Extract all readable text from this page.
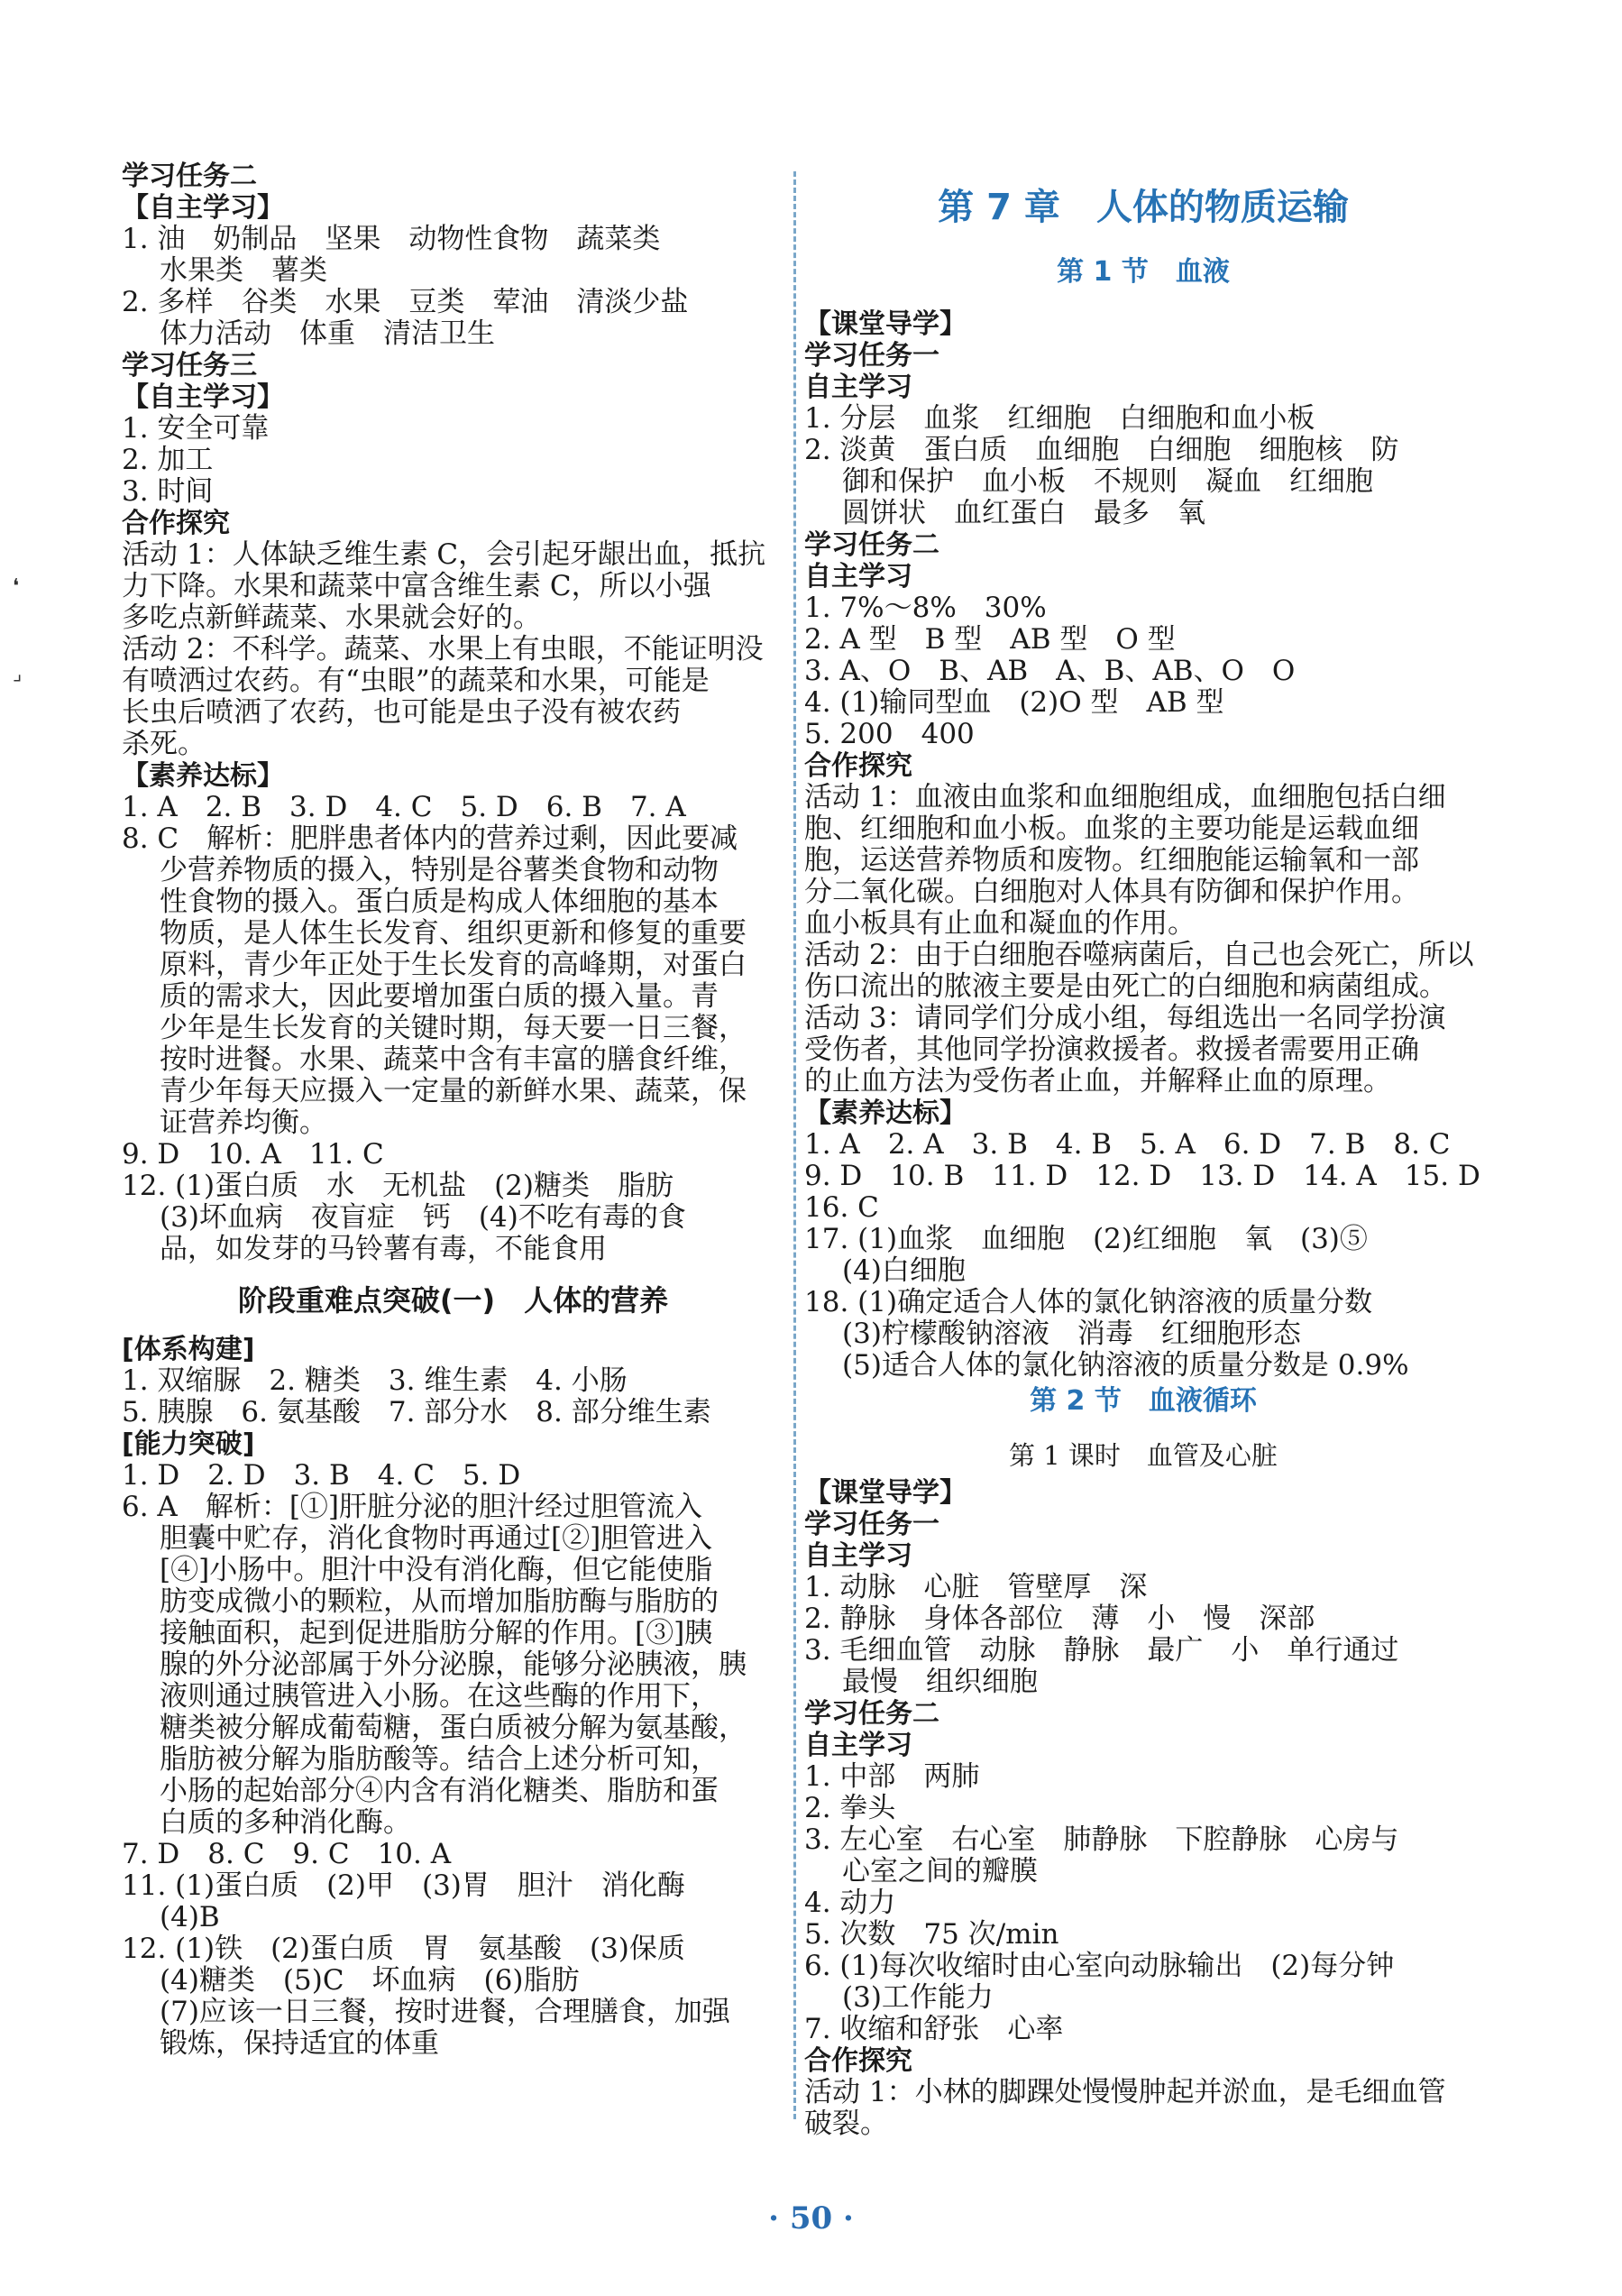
❛
⌟
学习任务二
【自主学习】
1. 油　奶制品　坚果　动物性食物　蔬菜类
水果类　薯类
2. 多样　谷类　水果　豆类　荤油　清淡少盐
体力活动　体重　清洁卫生
学习任务三
【自主学习】
1. 安全可靠
2. 加工
3. 时间
合作探究
活动 1：人体缺乏维生素 C，会引起牙龈出血，抵抗
力下降。水果和蔬菜中富含维生素 C，所以小强
多吃点新鲜蔬菜、水果就会好的。
活动 2：不科学。蔬菜、水果上有虫眼，不能证明没
有喷洒过农药。有“虫眼”的蔬菜和水果，可能是
长虫后喷洒了农药，也可能是虫子没有被农药
杀死。
【素养达标】
1. A　2. B　3. D　4. C　5. D　6. B　7. A
8. C　解析：肥胖患者体内的营养过剩，因此要减
少营养物质的摄入，特别是谷薯类食物和动物
性食物的摄入。蛋白质是构成人体细胞的基本
物质，是人体生长发育、组织更新和修复的重要
原料，青少年正处于生长发育的高峰期，对蛋白
质的需求大，因此要增加蛋白质的摄入量。青
少年是生长发育的关键时期，每天要一日三餐，
按时进餐。水果、蔬菜中含有丰富的膳食纤维，
青少年每天应摄入一定量的新鲜水果、蔬菜，保
证营养均衡。
9. D　10. A　11. C
12. (1)蛋白质　水　无机盐　(2)糖类　脂肪
(3)坏血病　夜盲症　钙　(4)不吃有毒的食
品，如发芽的马铃薯有毒，不能食用
阶段重难点突破(一)　人体的营养
[体系构建]
1. 双缩脲　2. 糖类　3. 维生素　4. 小肠
5. 胰腺　6. 氨基酸　7. 部分水　8. 部分维生素
[能力突破]
1. D　2. D　3. B　4. C　5. D
6. A　解析：[①]肝脏分泌的胆汁经过胆管流入
胆囊中贮存，消化食物时再通过[②]胆管进入
[④]小肠中。胆汁中没有消化酶，但它能使脂
肪变成微小的颗粒，从而增加脂肪酶与脂肪的
接触面积，起到促进脂肪分解的作用。[③]胰
腺的外分泌部属于外分泌腺，能够分泌胰液，胰
液则通过胰管进入小肠。在这些酶的作用下，
糖类被分解成葡萄糖，蛋白质被分解为氨基酸，
脂肪被分解为脂肪酸等。结合上述分析可知，
小肠的起始部分④内含有消化糖类、脂肪和蛋
白质的多种消化酶。
7. D　8. C　9. C　10. A
11. (1)蛋白质　(2)甲　(3)胃　胆汁　消化酶
(4)B
12. (1)铁　(2)蛋白质　胃　氨基酸　(3)保质
(4)糖类　(5)C　坏血病　(6)脂肪
(7)应该一日三餐，按时进餐，合理膳食，加强
锻炼，保持适宜的体重
第 7 章　人体的物质运输
第 1 节　血液
【课堂导学】
学习任务一
自主学习
1. 分层　血浆　红细胞　白细胞和血小板
2. 淡黄　蛋白质　血细胞　白细胞　细胞核　防
御和保护　血小板　不规则　凝血　红细胞
圆饼状　血红蛋白　最多　氧
学习任务二
自主学习
1. 7%～8%　30%
2. A 型　B 型　AB 型　O 型
3. A、O　B、AB　A、B、AB、O　O
4. (1)输同型血　(2)O 型　AB 型
5. 200　400
合作探究
活动 1：血液由血浆和血细胞组成，血细胞包括白细
胞、红细胞和血小板。血浆的主要功能是运载血细
胞，运送营养物质和废物。红细胞能运输氧和一部
分二氧化碳。白细胞对人体具有防御和保护作用。
血小板具有止血和凝血的作用。
活动 2：由于白细胞吞噬病菌后，自己也会死亡，所以
伤口流出的脓液主要是由死亡的白细胞和病菌组成。
活动 3：请同学们分成小组，每组选出一名同学扮演
受伤者，其他同学扮演救援者。救援者需要用正确
的止血方法为受伤者止血，并解释止血的原理。
【素养达标】
1. A　2. A　3. B　4. B　5. A　6. D　7. B　8. C
9. D　10. B　11. D　12. D　13. D　14. A　15. D
16. C
17. (1)血浆　血细胞　(2)红细胞　氧　(3)⑤
(4)白细胞
18. (1)确定适合人体的氯化钠溶液的质量分数
(3)柠檬酸钠溶液　消毒　红细胞形态
(5)适合人体的氯化钠溶液的质量分数是 0.9%
第 2 节　血液循环
第 1 课时　血管及心脏
【课堂导学】
学习任务一
自主学习
1. 动脉　心脏　管壁厚　深
2. 静脉　身体各部位　薄　小　慢　深部
3. 毛细血管　动脉　静脉　最广　小　单行通过
最慢　组织细胞
学习任务二
自主学习
1. 中部　两肺
2. 拳头
3. 左心室　右心室　肺静脉　下腔静脉　心房与
心室之间的瓣膜
4. 动力
5. 次数　75 次/min
6. (1)每次收缩时由心室向动脉输出　(2)每分钟
(3)工作能力
7. 收缩和舒张　心率
合作探究
活动 1：小林的脚踝处慢慢肿起并淤血，是毛细血管
破裂。
· 50 ·
